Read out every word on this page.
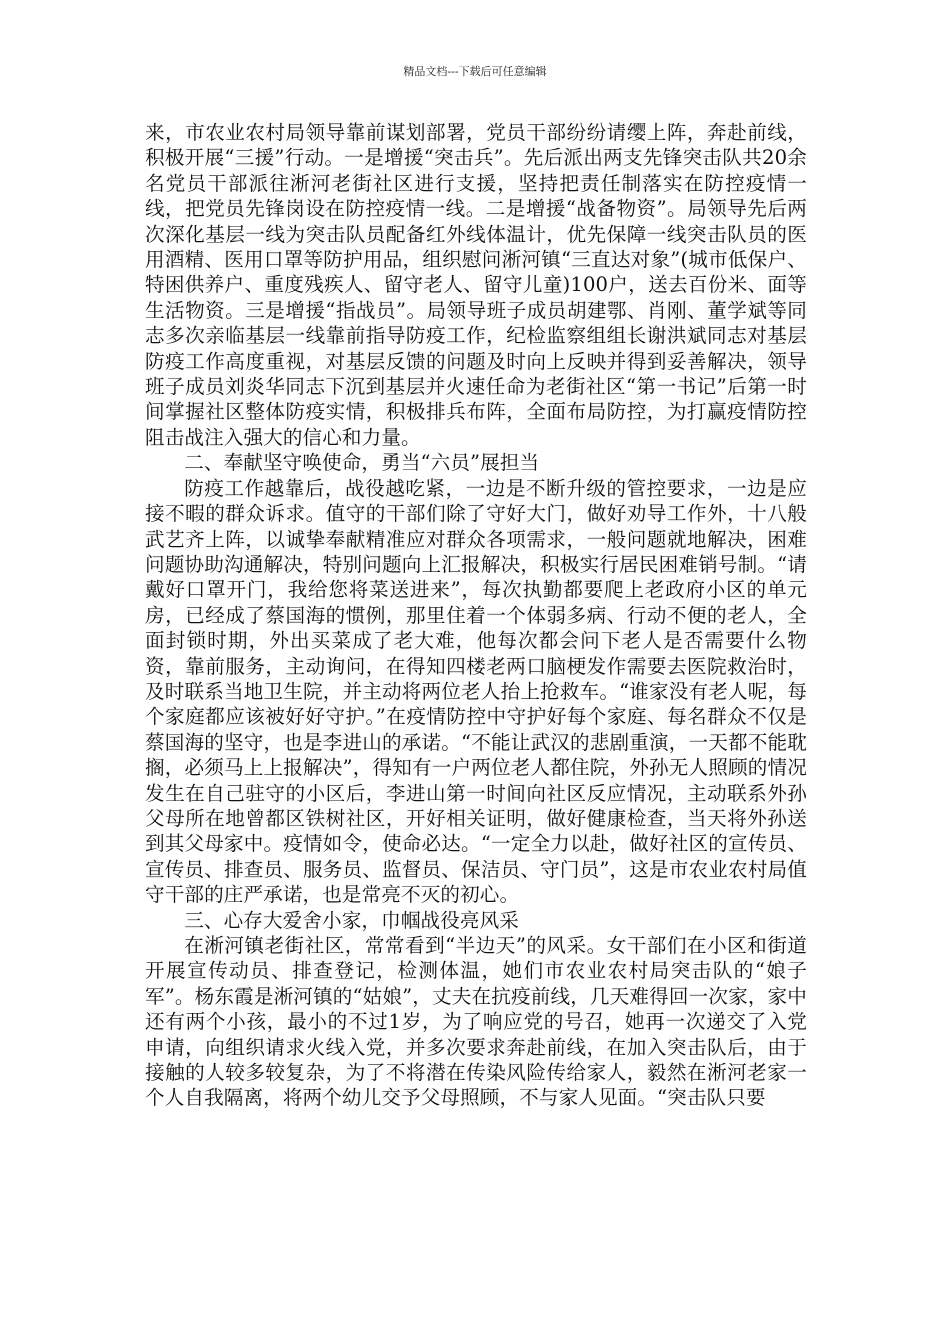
精品文档---下载后可任意编辑

来，市农业农村局领导靠前谋划部署，党员干部纷纷请缨上阵，奔赴前线，积极开展“三援”行动。一是增援“突击兵”。先后派出两支先锋突击队共20余名党员干部派往淅河老街社区进行支援，坚持把责任制落实在防控疫情一线，把党员先锋岗设在防控疫情一线。二是增援“战备物资”。局领导先后两次深化基层一线为突击队员配备红外线体温计，优先保障一线突击队员的医用酒精、医用口罩等防护用品，组织慰问淅河镇“三直达对象”(城市低保户、特困供养户、重度残疾人、留守老人、留守儿童)100户，送去百份米、面等生活物资。三是增援“指战员”。局领导班子成员胡建鄂、肖刚、董学斌等同志多次亲临基层一线靠前指导防疫工作，纪检监察组组长谢洪斌同志对基层防疫工作高度重视，对基层反馈的问题及时向上反映并得到妥善解决，领导班子成员刘炎华同志下沉到基层并火速任命为老街社区“第一书记”后第一时间掌握社区整体防疫实情，积极排兵布阵，全面布局防控，为打赢疫情防控阻击战注入强大的信心和力量。

二、奉献坚守唤使命，勇当“六员”展担当

防疫工作越靠后，战役越吃紧，一边是不断升级的管控要求，一边是应接不暇的群众诉求。值守的干部们除了守好大门，做好劝导工作外，十八般武艺齐上阵，以诚挚奉献精准应对群众各项需求，一般问题就地解决，困难问题协助沟通解决，特别问题向上汇报解决，积极实行居民困难销号制。“请戴好口罩开门，我给您将菜送进来”，每次执勤都要爬上老政府小区的单元房，已经成了蔡国海的惯例，那里住着一个体弱多病、行动不便的老人，全面封锁时期，外出买菜成了老大难，他每次都会问下老人是否需要什么物资，靠前服务，主动询问，在得知四楼老两口脑梗发作需要去医院救治时，及时联系当地卫生院，并主动将两位老人抬上抢救车。“谁家没有老人呢，每个家庭都应该被好好守护。”在疫情防控中守护好每个家庭、每名群众不仅是蔡国海的坚守，也是李进山的承诺。“不能让武汉的悲剧重演，一天都不能耽搁，必须马上上报解决”，得知有一户两位老人都住院，外孙无人照顾的情况发生在自己驻守的小区后，李进山第一时间向社区反应情况，主动联系外孙父母所在地曾都区铁树社区，开好相关证明，做好健康检查，当天将外孙送到其父母家中。疫情如令，使命必达。“一定全力以赴，做好社区的宣传员、宣传员、排查员、服务员、监督员、保洁员、守门员”，这是市农业农村局值守干部的庄严承诺，也是常亮不灭的初心。

三、心存大爱舍小家，巾帼战役亮风采

在淅河镇老街社区，常常看到“半边天”的风采。女干部们在小区和街道开展宣传动员、排查登记，检测体温，她们市农业农村局突击队的“娘子军”。杨东霞是淅河镇的“姑娘”，丈夫在抗疫前线，几天难得回一次家，家中还有两个小孩，最小的不过1岁，为了响应党的号召，她再一次递交了入党申请，向组织请求火线入党，并多次要求奔赴前线，在加入突击队后，由于接触的人较多较复杂，为了不将潜在传染风险传给家人，毅然在淅河老家一个人自我隔离，将两个幼儿交予父母照顾，不与家人见面。“突击队只要
